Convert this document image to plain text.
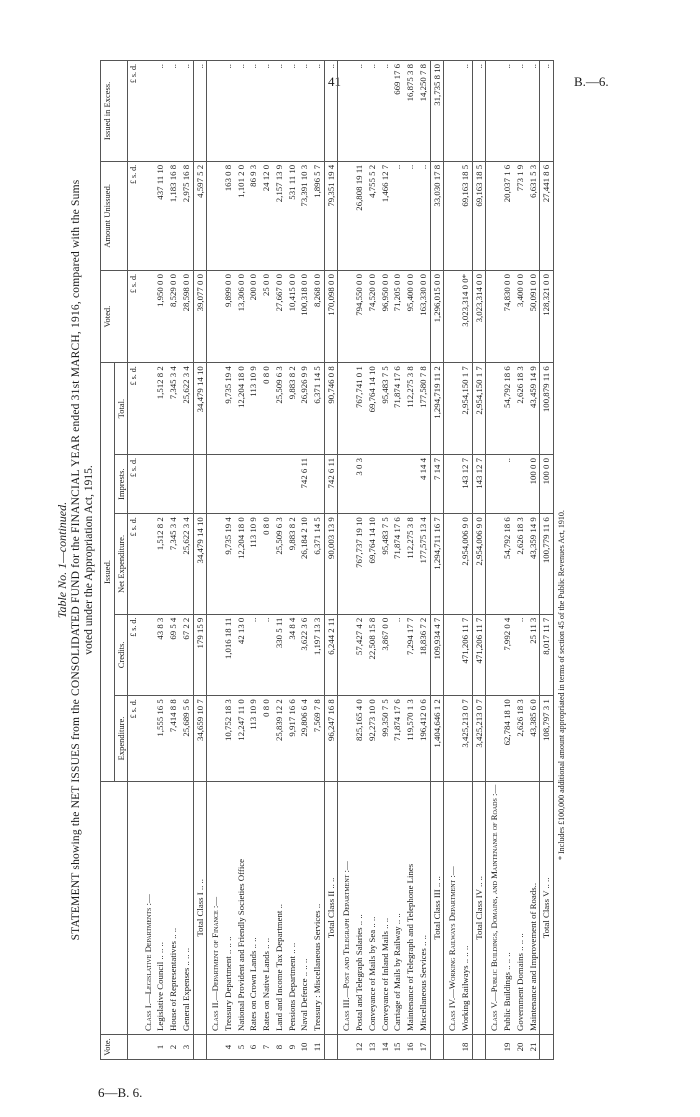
41	B.—6.
6—B. 6.
Table No. 1—continued. STATEMENT showing the NET ISSUES from the CONSOLIDATED FUND for the FINANCIAL YEAR ended 31st MARCH, 1916, compared with the Sums voted under the Appropriation Act, 1915.
Vote.		Issued.					Voted.	Amount Unissued.	Issued in Excess.
		Expenditure.	Credits.	Net Expenditure.	Imprests.	Total.			
		£ s. d.	£ s. d.	£ s. d.	£ s. d.	£ s. d.	£ s. d.	£ s. d.	£ s. d.
	Class I.—Legislative Departments :—								
1	Legislative Council .. .. ..	1,555 16 5	43 8 3	1,512 8 2		1,512 8 2	1,950 0 0	437 11 10	..
2	House of Representatives .. ..	7,414 8 8	69 5 4	7,345 3 4		7,345 3 4	8,529 0 0	1,183 16 8	..
3	General Expenses .. .. ..	25,689 5 6	67 2 2	25,622 3 4		25,622 3 4	28,598 0 0	2,975 16 8	..
	Total Class I .. ..	34,659 10 7	179 15 9	34,479 14 10		34,479 14 10	39,077 0 0	4,597 5 2	..
	Class II.—Department of Finance :—								
4	Treasury Department .. .. ..	10,752 18 3	1,016 18 11	9,735 19 4		9,735 19 4	9,899 0 0	163 0 8	..
5	National Provident and Friendly Societies Office	12,247 11 0	42 13 0	12,204 18 0		12,204 18 0	13,306 0 0	1,101 2 0	..
6	Rates on Crown Lands .. ..	113 10 9	..	113 10 9		113 10 9	200 0 0	86 9 3	..
7	Rates on Native Lands .. ..	0 8 0	..	0 8 0		0 8 0	25 0 0	24 12 0	..
8	Land and Income Tax Department ..	25,839 12 2	330 5 11	25,509 6 3		25,509 6 3	27,667 0 0	2,157 13 9	..
9	Pensions Department .. ..	9,917 16 6	34 8 4	9,883 8 2		9,883 8 2	10,415 0 0	531 11 10	..
10	Naval Defence .. .. ..	29,806 6 4	3,622 3 6	26,184 2 10	742 6 11	26,926 9 9	100,318 0 0	73,391 10 3	..
11	Treasury : Miscellaneous Services ..	7,569 7 8	1,197 13 3	6,371 14 5		6,371 14 5	8,268 0 0	1,896 5 7	..
	Total Class II .. ..	96,247 16 8	6,244 2 11	90,003 13 9	742 6 11	90,746 0 8	170,098 0 0	79,351 19 4	..
	Class III.—Post and Telegraph Department :—								
12	Postal and Telegraph Salaries .. ..	825,165 4 0	57,427 4 2	767,737 19 10	3 0 3	767,741 0 1	794,550 0 0	26,808 19 11	..
13	Conveyance of Mails by Sea .. ..	92,273 10 0	22,508 15 8	69,764 14 10		69,764 14 10	74,520 0 0	4,755 5 2	..
14	Conveyance of Inland Mails .. ..	99,350 7 5	3,867 0 0	95,483 7 5		95,483 7 5	96,950 0 0	1,466 12 7	..
15	Carriage of Mails by Railway .. ..	71,874 17 6	..	71,874 17 6		71,874 17 6	71,205 0 0	..	669 17 6
16	Maintenance of Telegraph and Telephone Lines	119,570 1 3	7,294 17 7	112,275 3 8		112,275 3 8	95,400 0 0	..	16,875 3 8
17	Miscellaneous Services .. ..	196,412 0 6	18,836 7 2	177,575 13 4	4 14 4	177,580 7 8	163,330 0 0	..	14,250 7 8
	Total Class III .. ..	1,404,646 1 2	109,934 4 7	1,294,711 16 7	7 14 7	1,294,719 11 2	1,296,015 0 0	33,030 17 8	31,735 8 10
	Class IV.—Working Railways Department :—								
18	Working Railways .. .. ..	3,425,213 0 7	471,206 11 7	2,954,006 9 0	143 12 7	2,954,150 1 7	3,023,314 0 0*	69,163 18 5	..
	Total Class IV .. ..	3,425,213 0 7	471,206 11 7	2,954,006 9 0	143 12 7	2,954,150 1 7	3,023,314 0 0	69,163 18 5	..
	Class V.—Public Buildings, Domains, and Maintenance of Roads :—								
19	Public Buildings .. .. ..	62,784 18 10	7,992 0 4	54,792 18 6	..	54,792 18 6	74,830 0 0	20,037 1 6	..
20	Government Domains .. .. ..	2,626 18 3	..	2,626 18 3		2,626 18 3	3,400 0 0	773 1 9	..
21	Maintenance and Improvement of Roads..	43,385 6 0	25 11 3	43,359 14 9	100 0 0	43,459 14 9	50,091 0 0	6,631 5 3	..
	Total Class V .. ..	108,797 3 1	8,017 11 7	100,779 11 6	100 0 0	100,879 11 6	128,321 0 0	27,441 8 6	..
* Includes £100,000 additional amount appropriated in terms of section 45 of the Public Revenues Act, 1910.
